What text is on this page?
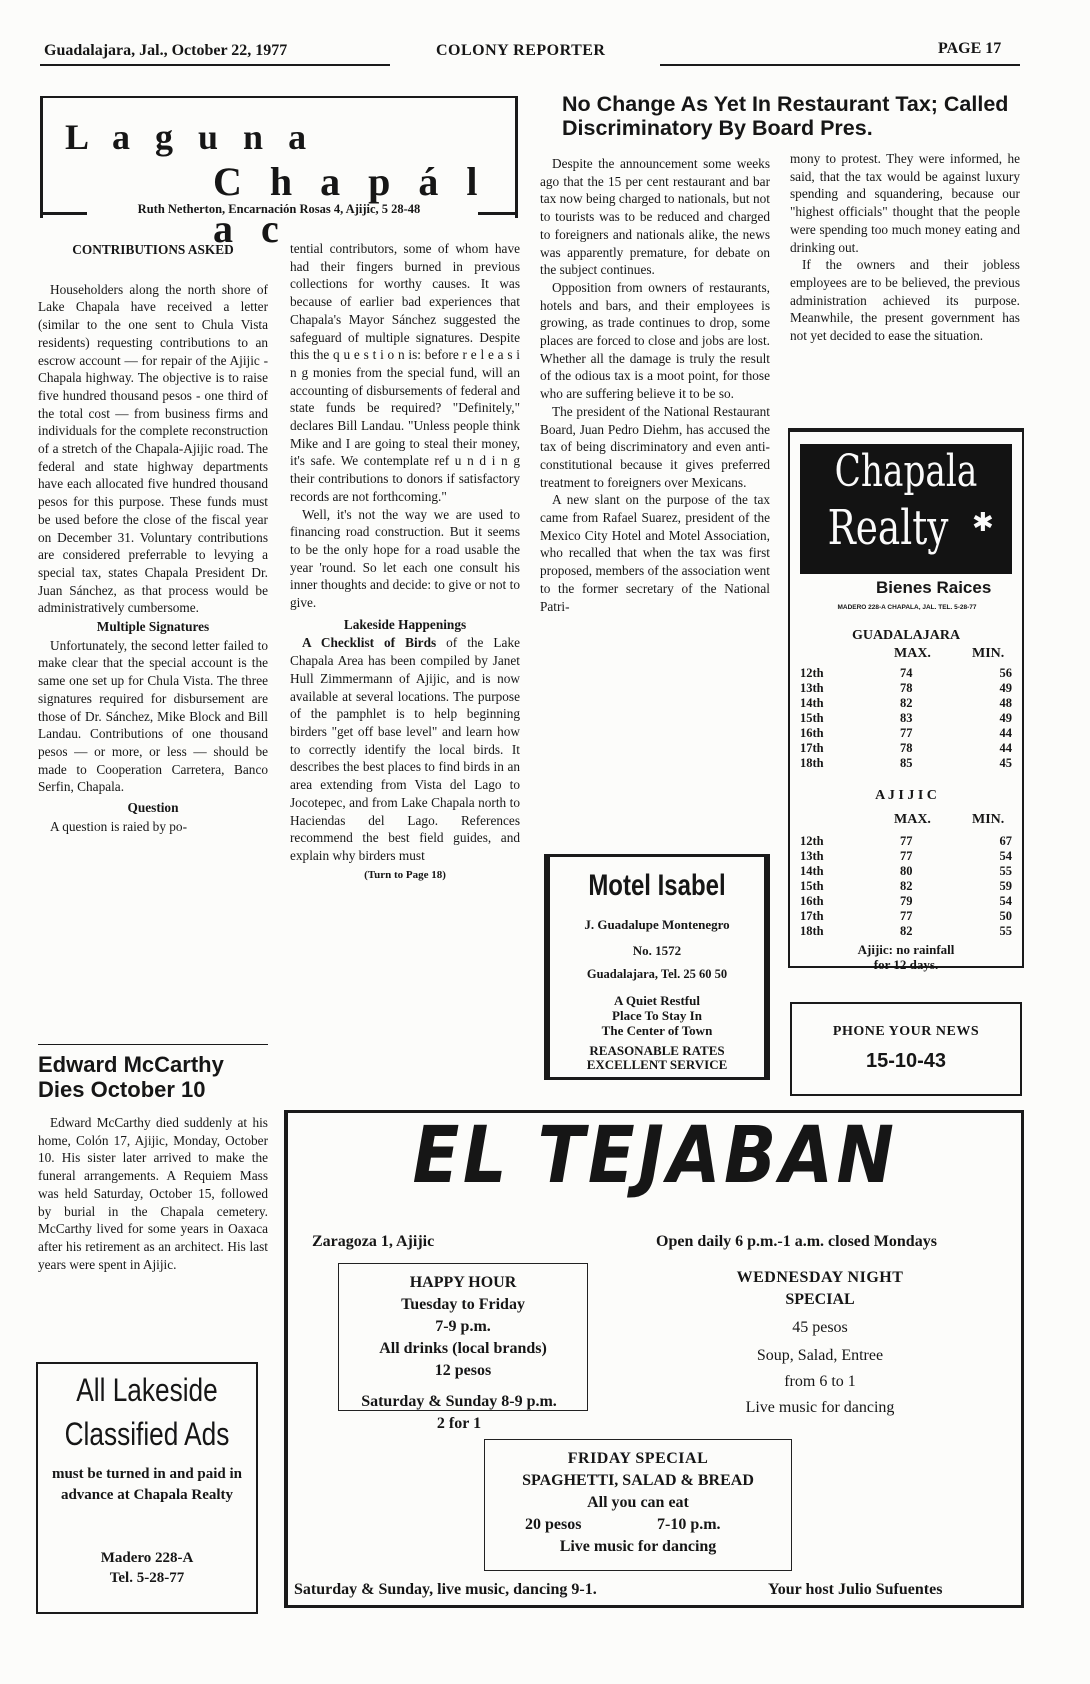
Guadalajara, Jal., October 22, 1977	COLONY REPORTER	PAGE 17
L a g u n a
C h a p á l a c
Ruth Netherton, Encarnación Rosas 4, Ajijic, 5 28-48
CONTRIBUTIONS ASKED

Householders along the north shore of Lake Chapala have received a letter (similar to the one sent to Chula Vista residents) requesting contributions to an escrow account — for repair of the Ajijic - Chapala highway. The objective is to raise five hundred thousand pesos - one third of the total cost — from business firms and individuals for the complete reconstruction of a stretch of the Chapala-Ajijic road. The federal and state highway departments have each allocated five hundred thousand pesos for this purpose. These funds must be used before the close of the fiscal year on December 31. Voluntary contributions are considered preferrable to levying a special tax, states Chapala President Dr. Juan Sánchez, as that process would be administratively cumbersome.

Multiple Signatures

Unfortunately, the second letter failed to make clear that the special account is the same one set up for Chula Vista. The three signatures required for disbursement are those of Dr. Sánchez, Mike Block and Bill Landau. Contributions of one thousand pesos — or more, or less — should be made to Cooperation Carretera, Banco Serfin, Chapala.

Question

A question is raied by po-

Edward McCarthy Dies October 10

Edward McCarthy died suddenly at his home, Colón 17, Ajijic, Monday, October 10. His sister later arrived to make the funeral arrangements. A Requiem Mass was held Saturday, October 15, followed by burial in the Chapala cemetery. McCarthy lived for some years in Oaxaca after his retirement as an architect. His last years were spent in Ajijic.

All Lakeside
Classified Ads
must be turned in and paid in advance at Chapala Realty
Madero 228-A
Tel. 5-28-77

tential contributors, some of whom have had their fingers burned in previous collections for worthy causes. It was because of earlier bad experiences that Chapala's Mayor Sánchez suggested the safeguard of multiple signatures. Despite this the q u e s t i o n is: before r e l e a s i n g monies from the special fund, will an accounting of disbursements of federal and state funds be required? "Definitely," declares Bill Landau. "Unless people think Mike and I are going to steal their money, it's safe. We contemplate ref u n d i n g their contributions to donors if satisfactory records are not forthcoming."

Well, it's not the way we are used to financing road construction. But it seems to be the only hope for a road usable the year 'round. So let each one consult his inner thoughts and decide: to give or not to give.

Lakeside Happenings

A Checklist of Birds of the Lake Chapala Area has been compiled by Janet Hull Zimmermann of Ajijic, and is now available at several locations. The purpose of the pamphlet is to help beginning birders "get off base level" and learn how to correctly identify the local birds. It describes the best places to find birds in an area extending from Vista del Lago to Jocotepec, and from Lake Chapala north to Haciendas del Lago. References recommend the best field guides, and explain why birders must

(Turn to Page 18)
No Change As Yet In Restaurant Tax; Called Discriminatory By Board Pres.

Despite the announcement some weeks ago that the 15 per cent restaurant and bar tax now being charged to nationals, but not to tourists was to be reduced and charged to foreigners and nationals alike, the news was apparently premature, for debate on the subject continues.

Opposition from owners of restaurants, hotels and bars, and their employees is growing, as trade continues to drop, some places are forced to close and jobs are lost. Whether all the damage is truly the result of the odious tax is a moot point, for those who are suffering believe it to be so.

The president of the National Restaurant Board, Juan Pedro Diehm, has accused the tax of being discriminatory and even anti-constitutional because it gives preferred treatment to foreigners over Mexicans.

A new slant on the purpose of the tax came from Rafael Suarez, president of the Mexico City Hotel and Motel Association, who recalled that when the tax was first proposed, members of the association went to the former secretary of the National Patri-

mony to protest. They were informed, he said, that the tax would be against luxury spending and squandering, because our "highest officials" thought that the people were spending too much money eating and drinking out.

If the owners and their jobless employees are to be believed, the previous administration achieved its purpose. Meanwhile, the present government has not yet decided to ease the situation.

Chapala
Realty ✱
Bienes Raices
MADERO 228-A CHAPALA, JAL. TEL. 5-28-77
GUADALAJARA
MAX.	MIN.
12th	74	56
13th	78	49
14th	82	48
15th	83	49
16th	77	44
17th	78	44
18th	85	45
A J I J I C
MAX.	MIN.
12th	77	67
13th	77	54
14th	80	55
15th	82	59
16th	79	54
17th	77	50
18th	82	55
Ajijic: no rainfall
for 12 days.
Motel Isabel
J. Guadalupe Montenegro
No. 1572
Guadalajara, Tel. 25 60 50
A Quiet Restful
Place To Stay In
The Center of Town
REASONABLE RATES
EXCELLENT SERVICE
PHONE YOUR NEWS
15-10-43
EL TEJABAN
Zaragoza 1, Ajijic	Open daily 6 p.m.-1 a.m. closed Mondays
HAPPY HOUR
Tuesday to Friday
7-9 p.m.
All drinks (local brands)
12 pesos
Saturday & Sunday 8-9 p.m.
2 for 1
WEDNESDAY NIGHT
SPECIAL
45 pesos
Soup, Salad, Entree
from 6 to 1
Live music for dancing
FRIDAY SPECIAL
SPAGHETTI, SALAD & BREAD
All you can eat
20 pesos	7-10 p.m.
Live music for dancing
Saturday & Sunday, live music, dancing 9-1.	Your host Julio Sufuentes
